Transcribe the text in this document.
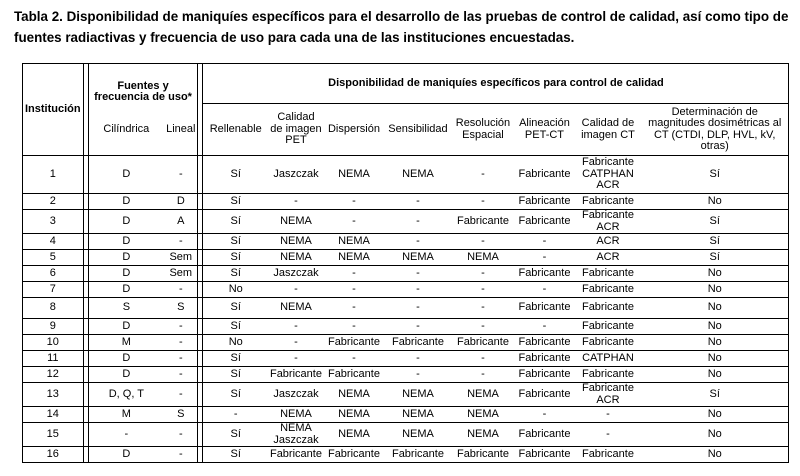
Tabla 2. Disponibilidad de maniquíes específicos para el desarrollo de las pruebas de control de calidad, así como tipo de fuentes radiactivas y frecuencia de uso para cada una de las instituciones encuestadas.
Institución		Fuentes y frecuencia de uso*			Disponibilidad de maniquíes específicos para control de calidad							
		Cilíndrica	Lineal		Rellenable	Calidad de imagen PET	Dispersión	Sensibilidad	Resolución Espacial	Alineación PET-CT	Calidad de imagen CT	Determinación de magnitudes dosimétricas al CT (CTDI, DLP, HVL, kV, otras)
1		D	-		Sí	Jaszczak	NEMA	NEMA	-	Fabricante	Fabricante CATPHAN ACR	Sí
2		D	D		Sí	-	-	-	-	Fabricante	Fabricante	No
3		D	A		Sí	NEMA	-	-	Fabricante	Fabricante	Fabricante ACR	Sí
4		D	-		Sí	NEMA	NEMA	-	-	-	ACR	Sí
5		D	Sem		Sí	NEMA	NEMA	NEMA	NEMA	-	ACR	Sí
6		D	Sem		Sí	Jaszczak	-	-	-	Fabricante	Fabricante	No
7		D	-		No	-	-	-	-	-	Fabricante	No
8		S	S		Sí	NEMA	-	-	-	Fabricante	Fabricante	No
9		D	-		Sí	-	-	-	-	-	Fabricante	No
10		M	-		No	-	Fabricante	Fabricante	Fabricante	Fabricante	Fabricante	No
11		D	-		Sí	-	-	-	-	Fabricante	CATPHAN	No
12		D	-		Sí	Fabricante	Fabricante	-	-	Fabricante	Fabricante	No
13		D, Q, T	-		Sí	Jaszczak	NEMA	NEMA	NEMA	Fabricante	Fabricante ACR	Sí
14		M	S		-	NEMA	NEMA	NEMA	NEMA	-	-	No
15		-	-		Sí	NEMA Jaszczak	NEMA	NEMA	NEMA	Fabricante	-	No
16		D	-		Sí	Fabricante	Fabricante	Fabricante	Fabricante	Fabricante	Fabricante	No
